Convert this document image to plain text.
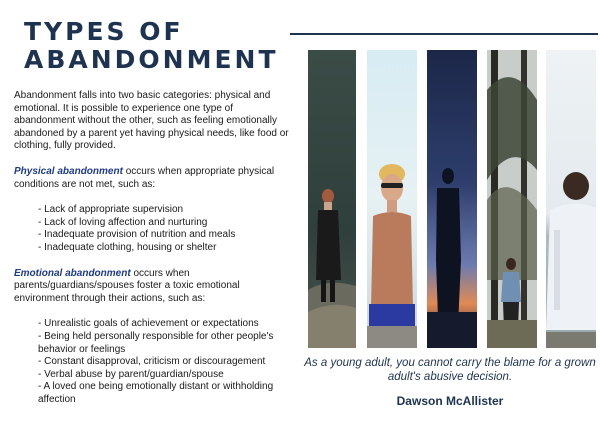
TYPES OF
ABANDONMENT

Abandonment falls into two basic categories: physical and emotional. It is possible to experience one type of abandonment without the other, such as feeling emotionally abandoned by a parent yet having physical needs, like food or clothing, fully provided.

Physical abandonment occurs when appropriate physical conditions are not met, such as:

- Lack of appropriate supervision
- Lack of loving affection and nurturing
- Inadequate provision of nutrition and meals
- Inadequate clothing, housing or shelter

Emotional abandonment occurs when parents/guardians/spouses foster a toxic emotional environment through their actions, such as:

- Unrealistic goals of achievement or expectations
- Being held personally responsible for other people's behavior or feelings
- Constant disapproval, criticism or discouragement
- Verbal abuse by parent/guardian/spouse
- A loved one being emotionally distant or withholding affection
As a young adult, you cannot carry the blame for a grown adult's abusive decision.
Dawson McAllister
